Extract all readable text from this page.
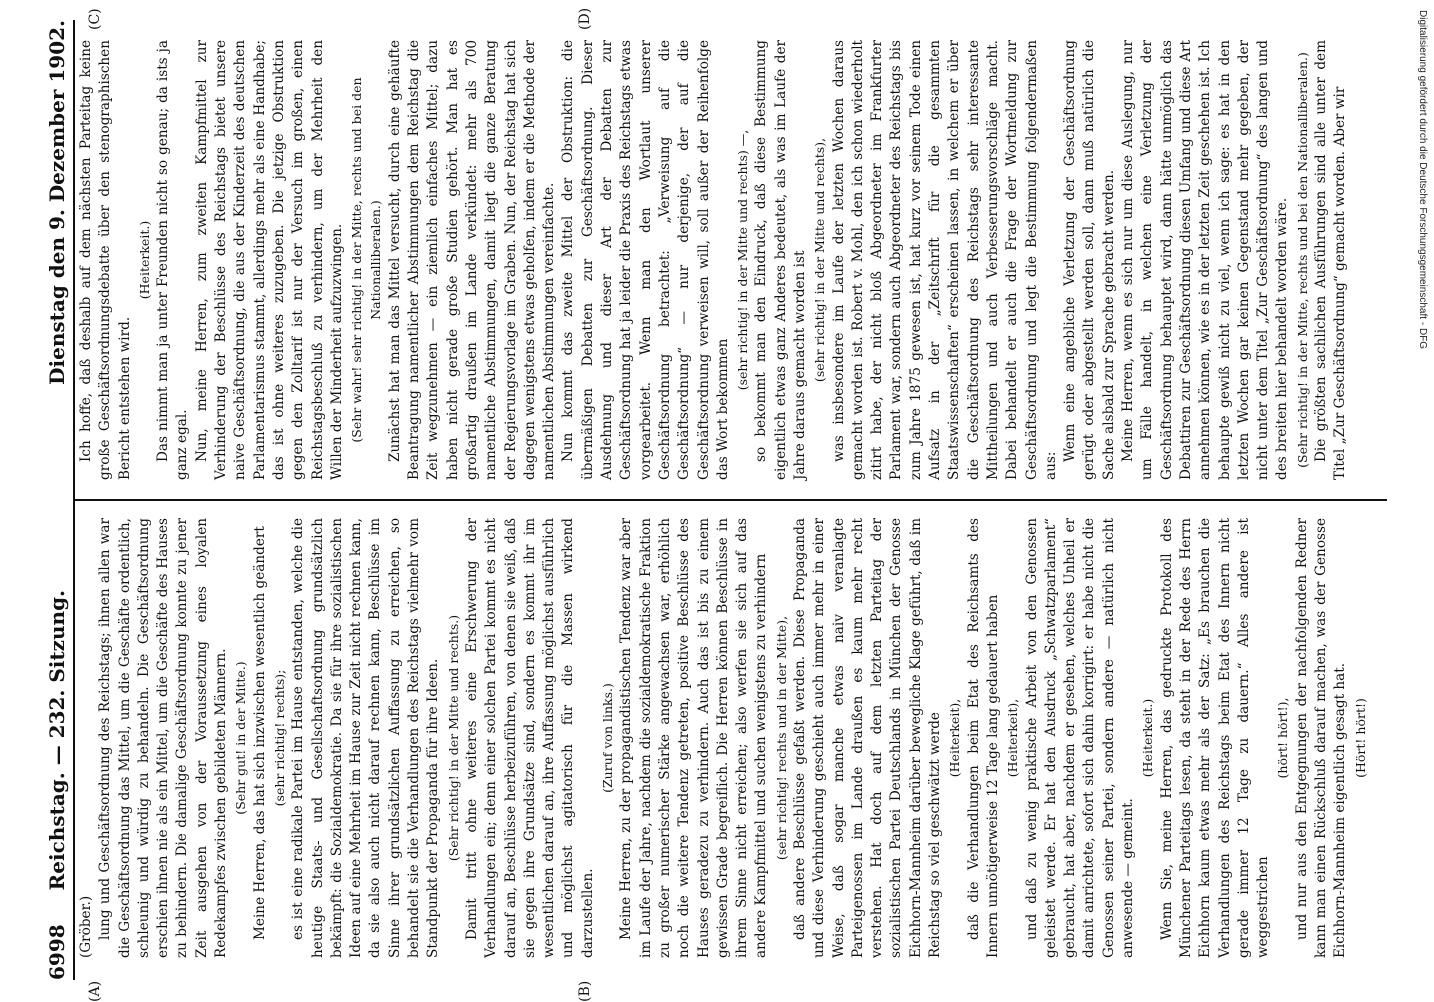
6998
Reichstag. — 232. Sitzung.
Dienstag den 9. Dezember 1902.
(A)	(B)
(C)	(D)

(Gröber.) lung und Geschäftsordnung des Reichstags; ihnen allen war die Geschäftsordnung das Mittel, um die Geschäfte ordentlich, schleunig und würdig zu behandeln. Die Geschäftsordnung erschien ihnen nie als ein Mittel, um die Geschäfte des Hauses zu behindern. Die damalige Geschäftsordnung konnte zu jener Zeit ausgehen von der Voraussetzung eines loyalen Redekampfes zwischen gebildeten Männern. (Sehr gut! in der Mitte.) Meine Herren, das hat sich inzwischen wesentlich geändert (sehr richtig! rechts); es ist eine radikale Partei im Hause entstanden, welche die heutige Staats- und Gesellschaftsordnung grundsätzlich bekämpft: die Sozialdemokratie. Da sie für ihre sozialistischen Ideen auf eine Mehrheit im Hause zur Zeit nicht rechnen kann, da sie also auch nicht darauf rechnen kann, Beschlüsse im Sinne ihrer grundsätzlichen Auffassung zu erreichen, so behandelt sie die Verhandlungen des Reichstags vielmehr vom Standpunkt der Propaganda für ihre Ideen. (Sehr richtig! in der Mitte und rechts.) Damit tritt ohne weiteres eine Erschwerung der Verhandlungen ein; denn einer solchen Partei kommt es nicht darauf an, Beschlüsse herbeizuführen, von denen sie weiß, daß sie gegen ihre Grundsätze sind, sondern es kommt ihr im wesentlichen darauf an, ihre Auffassung möglichst ausführlich und möglichst agitatorisch für die Massen wirkend darzustellen.

(Zuruf von links.) Meine Herren, zu der propagandistischen Tendenz war aber im Laufe der Jahre, nachdem die sozialdemokratische Fraktion zu großer numerischer Stärke angewachsen war, erhöhlich noch die weitere Tendenz getreten, positive Beschlüsse des Hauses geradezu zu verhindern. Auch das ist bis zu einem gewissen Grade begreiflich. Die Herren können Beschlüsse in ihrem Sinne nicht erreichen; also werfen sie sich auf das andere Kampfmittel und suchen wenigstens zu verhindern (sehr richtig! rechts und in der Mitte), daß andere Beschlüsse gefaßt werden. Diese Propaganda und diese Verhinderung geschieht auch immer mehr in einer Weise, daß sogar manche etwas naiv veranlagte Parteigenossen im Lande draußen es kaum mehr recht verstehen. Hat doch auf dem letzten Parteitag der sozialistischen Partei Deutschlands in München der Genosse Eichhorn-Mannheim darüber bewegliche Klage geführt, daß im Reichstag so viel geschwätzt werde (Heiterkeit), daß die Verhandlungen beim Etat des Reichsamts des Innern unnötigerweise 12 Tage lang gedauert haben (Heiterkeit), und daß zu wenig praktische Arbeit von den Genossen geleistet werde. Er hat den Ausdruck „Schwatzparlament“ gebraucht, hat aber, nachdem er gesehen, welches Unheil er damit anrichtete, sofort sich dahin korrigirt: er habe nicht die Genossen seiner Partei, sondern andere — natürlich nicht anwesende — gemeint.

(Heiterkeit.) Wenn Sie, meine Herren, das gedruckte Protokoll des Münchener Parteitags lesen, da steht in der Rede des Herrn Eichhorn kaum etwas mehr als der Satz: „Es brauchen die Verhandlungen des Reichstags beim Etat des Innern nicht gerade immer 12 Tage zu dauern.“ Alles andere ist weggestrichen

(hört! hört!), und nur aus den Entgegnungen der nachfolgenden Redner kann man einen Rückschluß darauf machen, was der Genosse Eichhorn-Mannheim eigentlich gesagt hat. (Hört! hört!)

Ich hoffe, daß deshalb auf dem nächsten Parteitag keine große Geschäftsordnungsdebatte über den stenographischen Bericht entstehen wird.

(Heiterkeit.) Das nimmt man ja unter Freunden nicht so genau; da ists ja ganz egal. Nun, meine Herren, zum zweiten Kampfmittel zur Verhinderung der Beschlüsse des Reichstags bietet unsere naive Geschäftsordnung, die aus der Kinderzeit des deutschen Parlamentarismus stammt, allerdings mehr als eine Handhabe; das ist ohne weiteres zuzugeben. Die jetzige Obstruktion gegen den Zolltarif ist nur der Versuch im großen, einen Reichstagsbeschluß zu verhindern, um der Mehrheit den Willen der Minderheit aufzuzwingen. (Sehr wahr! sehr richtig! in der Mitte, rechts und bei den Nationalliberalen.) Zunächst hat man das Mittel versucht, durch eine gehäufte Beantragung namentlicher Abstimmungen dem Reichstag die Zeit wegzunehmen — ein ziemlich einfaches Mittel; dazu haben nicht gerade große Studien gehört. Man hat es großartig draußen im Lande verkündet: mehr als 700 namentliche Abstimmungen, damit liegt die ganze Beratung der Regierungsvorlage im Graben. Nun, der Reichstag hat sich dagegen wenigstens etwas geholfen, indem er die Methode der namentlichen Abstimmungen vereinfachte. Nun kommt das zweite Mittel der Obstruktion: die übermäßigen Debatten zur Geschäftsordnung. Dieser Ausdehnung und dieser Art der Debatten zur Geschäftsordnung hat ja leider die Praxis des Reichstags etwas vorgearbeitet. Wenn man den Wortlaut unserer Geschäftsordnung betrachtet: „Verweisung auf die Geschäftsordnung“ — nur derjenige, der auf die Geschäftsordnung verweisen will, soll außer der Reihenfolge das Wort bekommen

(sehr richtig! in der Mitte und rechts) —, so bekommt man den Eindruck, daß diese Bestimmung eigentlich etwas ganz Anderes bedeutet, als was im Laufe der Jahre daraus gemacht worden ist (sehr richtig! in der Mitte und rechts), was insbesondere im Laufe der letzten Wochen daraus gemacht worden ist. Robert v. Mohl, den ich schon wiederholt zitirt habe, der nicht bloß Abgeordneter im Frankfurter Parlament war, sondern auch Abgeordneter des Reichstags bis zum Jahre 1875 gewesen ist, hat kurz vor seinem Tode einen Aufsatz in der „Zeitschrift für die gesammten Staatswissenschaften“ erscheinen lassen, in welchem er über die Geschäftsordnung des Reichstags sehr interessante Mittheilungen und auch Verbesserungsvorschläge macht. Dabei behandelt er auch die Frage der Wortmeldung zur Geschäftsordnung und legt die Bestimmung folgendermaßen aus:

Wenn eine angebliche Verletzung der Geschäftsordnung gerügt oder abgestellt werden soll, dann muß natürlich die Sache alsbald zur Sprache gebracht werden. Meine Herren, wenn es sich nur um diese Auslegung, nur um Fälle handelt, in welchen eine Verletzung der Geschäftsordnung behauptet wird, dann hätte unmöglich das Debattiren zur Geschäftsordnung diesen Umfang und diese Art annehmen können, wie es in der letzten Zeit geschehen ist. Ich behaupte gewiß nicht zu viel, wenn ich sage: es hat in den letzten Wochen gar keinen Gegenstand mehr gegeben, der nicht unter dem Titel „Zur Geschäftsordnung“ des langen und des breiten hier behandelt worden wäre. (Sehr richtig! in der Mitte, rechts und bei den Nationalliberalen.) Die größten sachlichen Ausführungen sind alle unter dem Titel „Zur Geschäftsordnung“ gemacht worden. Aber wir	Digitalisierung gefördert durch die Deutsche Forschungsgemeinschaft - DFG
